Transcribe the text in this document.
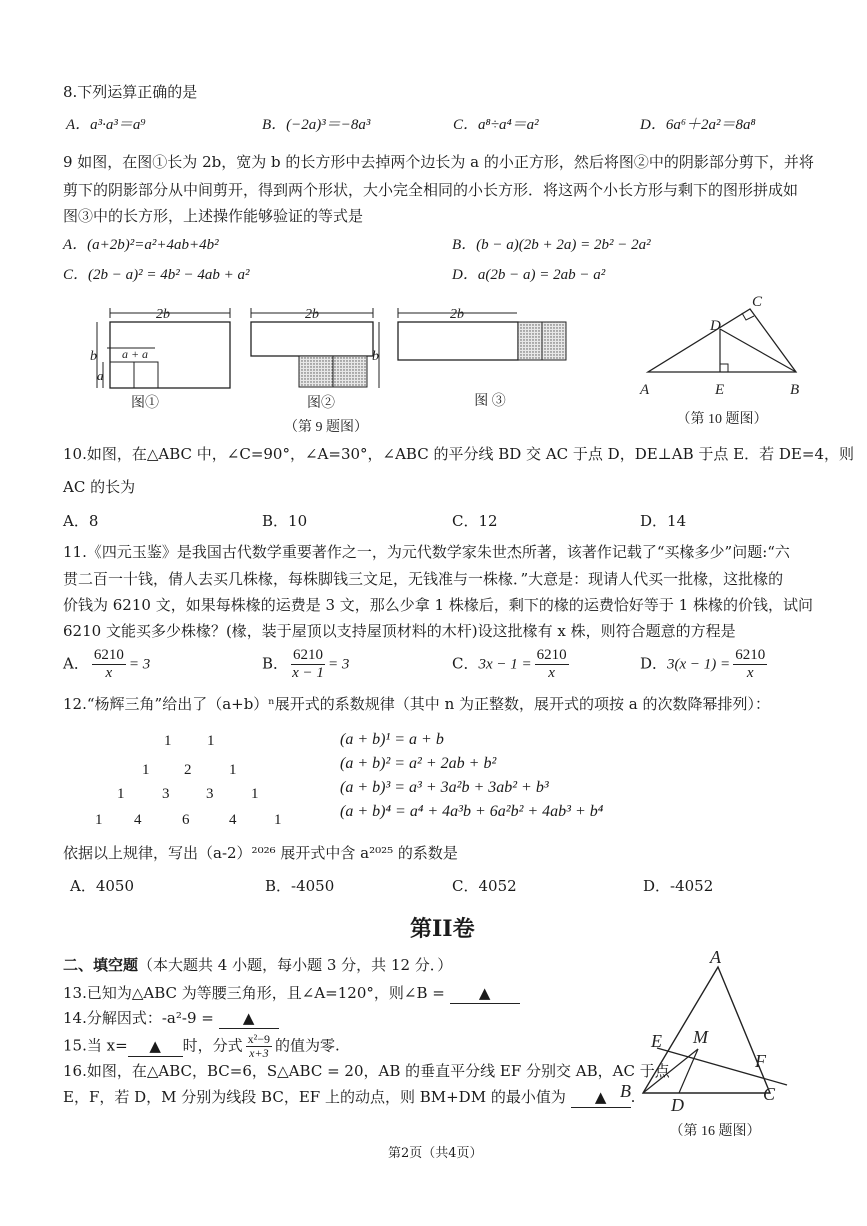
8.下列运算正确的是
A．a³·a³＝a⁹	B．(−2a)³＝−8a³	C．a⁸÷a⁴＝a²	D．6a⁶＋2a²＝8a⁸
9 如图，在图①长为 2b，宽为 b 的长方形中去掉两个边长为 a 的小正方形，然后将图②中的阴影部分剪下，并将
剪下的阴影部分从中间剪开，得到两个形状，大小完全相同的小长方形．将这两个小长方形与剩下的图形拼成如
图③中的长方形，上述操作能够验证的等式是
A．(a+2b)²=a²+4ab+4b²	B．(b − a)(2b + 2a) = 2b² − 2a²
C．(2b − a)² = 4b² − 4ab + a²	D．a(2b − a) = 2ab − a²
2b
b
a
a + a
图①
2b
b
图②
2b
图 ③
（第 9 题图）
A	B
C
D
E
（第 10 题图）
10.如图，在△ABC 中，∠C=90°，∠A=30°，∠ABC 的平分线 BD 交 AC 于点 D，DE⊥AB 于点 E．若 DE=4，则
AC 的长为
A．8	B．10	C．12	D．14
11.《四元玉鉴》是我国古代数学重要著作之一，为元代数学家朱世杰所著，该著作记载了“买椽多少”问题:“六
贯二百一十钱，倩人去买几株椽，每株脚钱三文足，无钱准与一株椽．”大意是：现请人代买一批椽，这批椽的
价钱为 6210 文，如果每株椽的运费是 3 文，那么少拿 1 株椽后，剩下的椽的运费恰好等于 1 株椽的价钱，试问
6210 文能买多少株椽？(椽，装于屋顶以支持屋顶材料的木杆)设这批椽有 x 株，则符合题意的方程是
A． $\frac{6210}{x} = 3$	B． $\frac{6210}{x - 1} = 3$	C．$3x - 1 = \frac{6210}{x}$	D．$3(x - 1) = \frac{6210}{x}$
12.“杨辉三角”给出了（a+b）ⁿ展开式的系数规律（其中 n 为正整数，展开式的项按 a 的次数降幂排列）：
1 1
1 2	1
1	3 3	1
1 4	6	4	1
(a + b)¹ = a + b
(a + b)² = a² + 2ab + b²
(a + b)³ = a³ + 3a²b + 3ab² + b³
(a + b)⁴ = a⁴ + 4a³b + 6a²b² + 4ab³ + b⁴
依据以上规律，写出（a-2）²⁰²⁶ 展开式中含 a²⁰²⁵ 的系数是
A．4050	B．-4050	C．4052	D．-4052
第II卷
二、填空题（本大题共 4 小题，每小题 3 分，共 12 分．）
13.已知为△ABC 为等腰三角形，且∠A=120°，则∠B = ▲
14.分解因式：-a²-9 = ▲
15.当 x= ▲ 时，分式 $\frac{\text{x²−9}}{x+3}$ 的值为零.
16.如图，在△ABC，BC=6，S△ABC = 20，AB 的垂直平分线 EF 分别交 AB，AC 于点
E，F，若 D，M 分别为线段 BC，EF 上的动点，则 BM+DM 的最小值为 ▲ .
A
B	C
D
E
F
M
（第 16 题图）
第2页（共4页）
